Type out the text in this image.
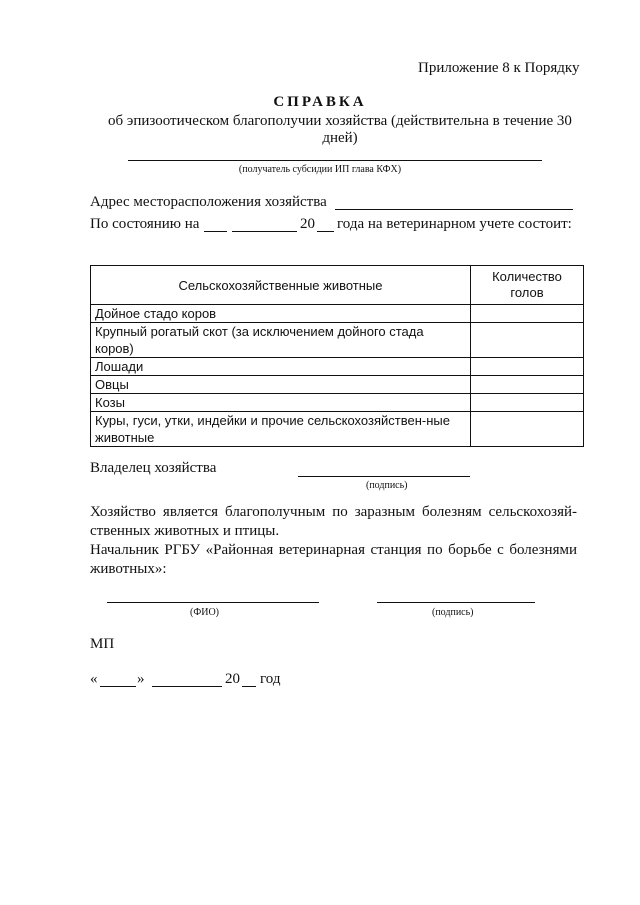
Приложение 8 к Порядку
СПРАВКА
об эпизоотическом благополучии хозяйства (действительна в течение 30 дней)
(получатель субсидии ИП глава КФХ)
Адрес месторасположения хозяйства
По состоянию на	20 года на ветеринарном учете состоит:
Сельскохозяйственные животные	Количество голов
Дойное стадо коров	
Крупный рогатый скот (за исключением дойного стада коров)	
Лошади	
Овцы	
Козы	
Куры, гуси, утки, индейки и прочие сельскохозяйствен-ные животные	
Владелец хозяйства
(подпись)
Хозяйство является благополучным по заразным болезням сельскохозяй-ственных животных и птицы.
Начальник РГБУ «Районная ветеринарная станция по борьбе с болезнями животных»:
(ФИО)	(подпись)
МП
«	»	20 год
